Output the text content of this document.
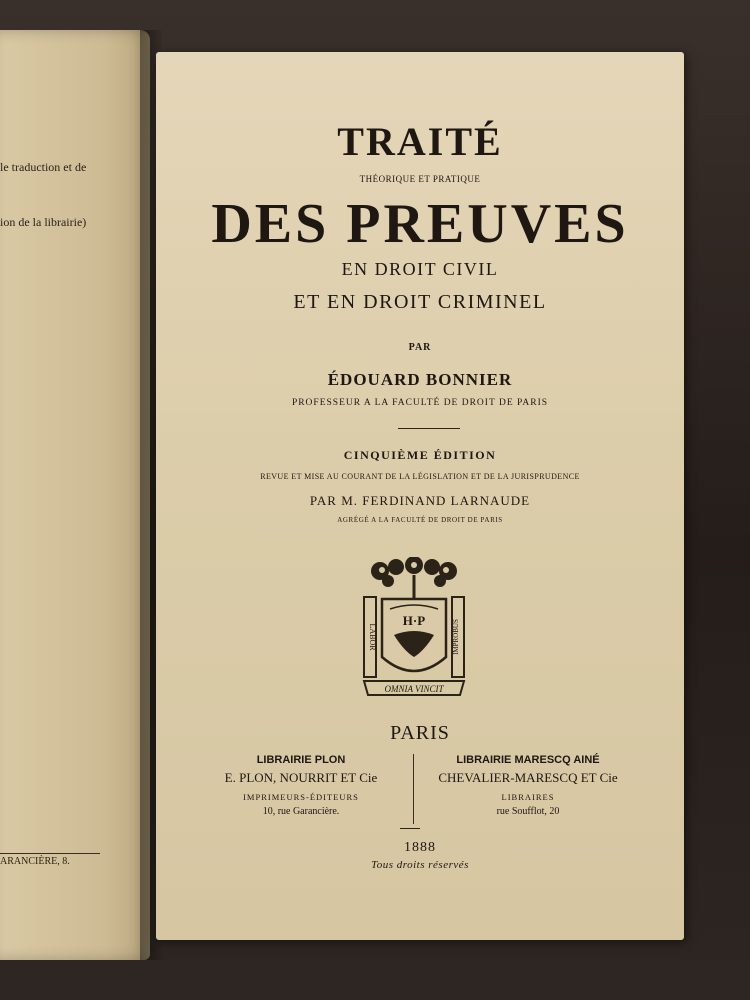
le traduction et de
ion de la librairie)
ARANCIÈRE, 8.
TRAITÉ
THÉORIQUE ET PRATIQUE
DES PREUVES
EN DROIT CIVIL
ET EN DROIT CRIMINEL
PAR
ÉDOUARD BONNIER
PROFESSEUR A LA FACULTÉ DE DROIT DE PARIS
CINQUIÈME ÉDITION
REVUE ET MISE AU COURANT DE LA LÉGISLATION ET DE LA JURISPRUDENCE
PAR M. FERDINAND LARNAUDE
AGRÉGÉ A LA FACULTÉ DE DROIT DE PARIS
H·P
LABOR	IMPROBUS
OMNIA VINCIT
PARIS
LIBRAIRIE PLON
E. PLON, NOURRIT ET Cie
IMPRIMEURS-ÉDITEURS
10, rue Garancière.
LIBRAIRIE MARESCQ AINÉ
CHEVALIER-MARESCQ ET Cie
LIBRAIRES
rue Soufflot, 20
1888
Tous droits réservés
